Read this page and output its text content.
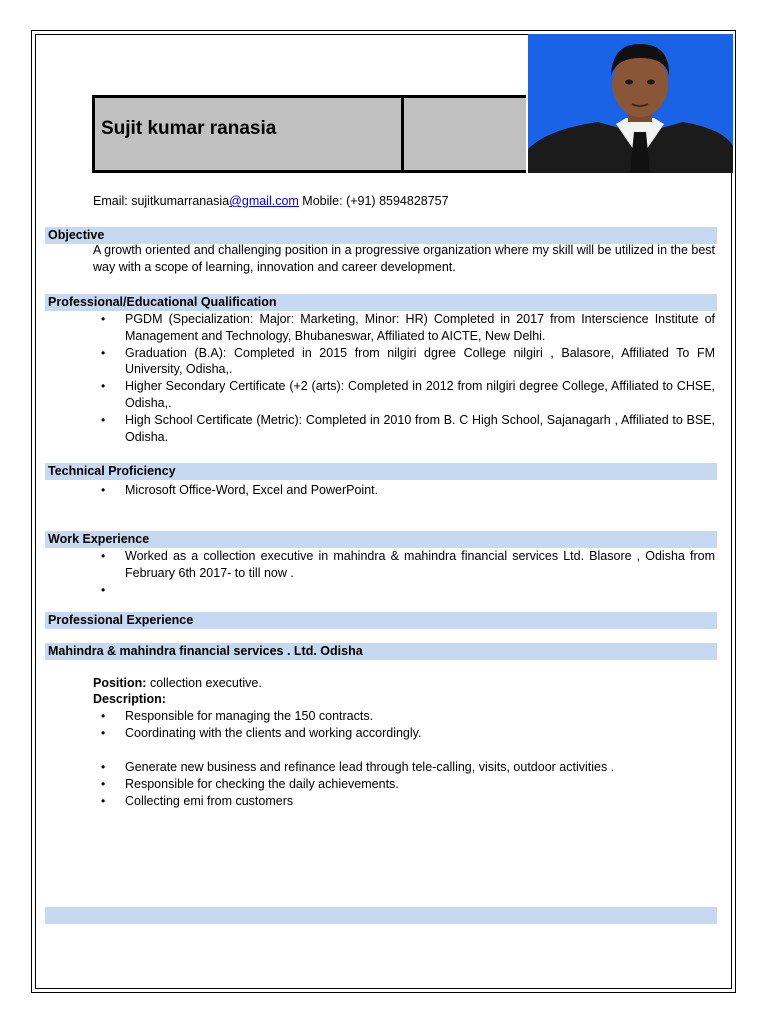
Sujit kumar ranasia
Email: sujitkumarranasia@gmail.com Mobile: (+91) 8594828757
Objective
A growth oriented and challenging position in a progressive organization where my skill will be utilized in the best way with a scope of learning, innovation and career development.
Professional/Educational Qualification
• PGDM (Specialization: Major: Marketing, Minor: HR) Completed in 2017 from Interscience Institute of Management and Technology, Bhubaneswar, Affiliated to AICTE, New Delhi.
• Graduation (B.A): Completed in 2015 from nilgiri dgree College nilgiri , Balasore, Affiliated To FM University, Odisha,.
• Higher Secondary Certificate (+2 (arts): Completed in 2012 from nilgiri degree College, Affiliated to CHSE, Odisha,.
• High School Certificate (Metric): Completed in 2010 from B. C High School, Sajanagarh , Affiliated to BSE, Odisha.
Technical Proficiency
• Microsoft Office-Word, Excel and PowerPoint.
Work Experience
• Worked as a collection executive in mahindra & mahindra financial services Ltd. Blasore , Odisha from February 6th 2017- to till now .
•
Professional Experience
Mahindra & mahindra financial services . Ltd. Odisha
Position: collection executive.
Description:
• Responsible for managing the 150 contracts.
• Coordinating with the clients and working accordingly.
• Generate new business and refinance lead through tele-calling, visits, outdoor activities .
• Responsible for checking the daily achievements.
• Collecting emi from customers
